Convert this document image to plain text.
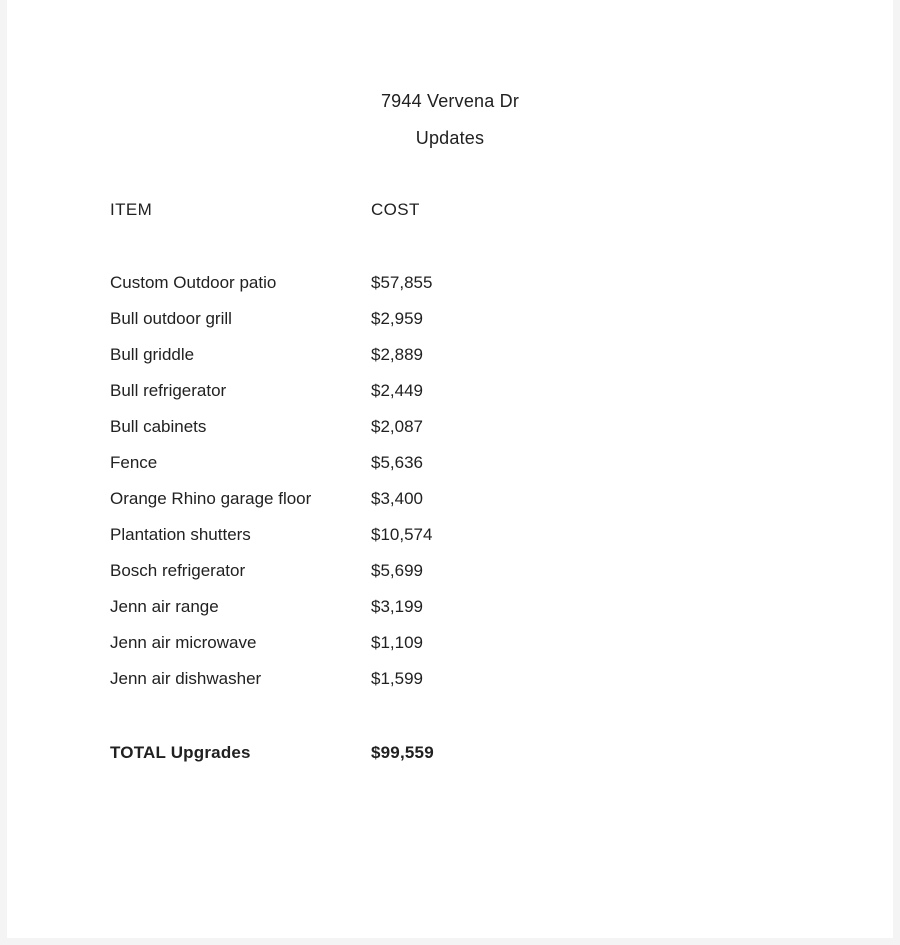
7944 Vervena Dr
Updates
ITEM	COST
Custom Outdoor patio	$57,855
Bull outdoor grill	$2,959
Bull griddle	$2,889
Bull refrigerator	$2,449
Bull cabinets	$2,087
Fence	$5,636
Orange Rhino garage floor	$3,400
Plantation shutters	$10,574
Bosch refrigerator	$5,699
Jenn air range	$3,199
Jenn air microwave	$1,109
Jenn air dishwasher	$1,599
TOTAL Upgrades	$99,559
